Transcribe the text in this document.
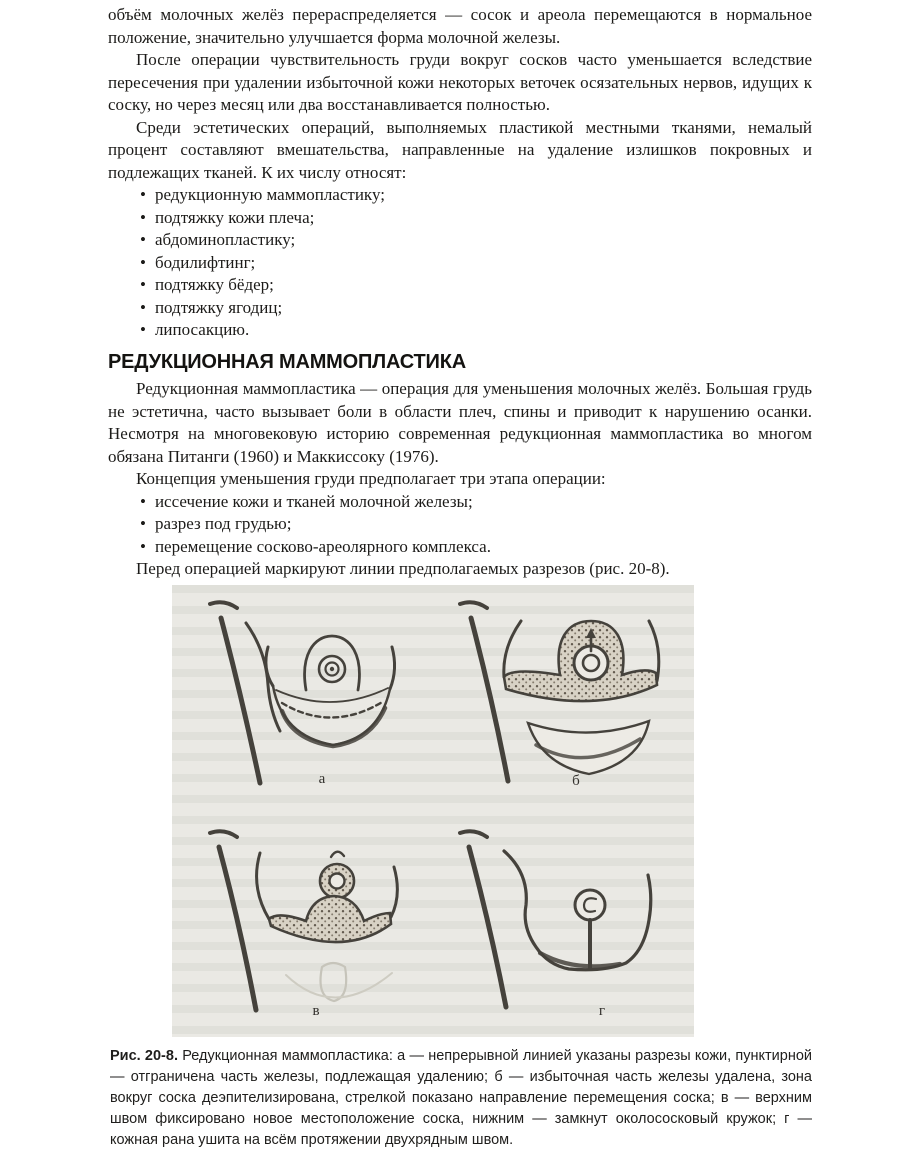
объём молочных желёз перераспределяется — сосок и ареола перемещаются в нормальное положение, значительно улучшается форма молочной железы.

После операции чувствительность груди вокруг сосков часто уменьшается вследствие пересечения при удалении избыточной кожи некоторых веточек осязательных нервов, идущих к соску, но через месяц или два восстанавливается полностью.

Среди эстетических операций, выполняемых пластикой местными тканями, немалый процент составляют вмешательства, направленные на удаление излишков покровных и подлежащих тканей. К их числу относят:

• редукционную маммопластику;
• подтяжку кожи плеча;
• абдоминопластику;
• бодилифтинг;
• подтяжку бёдер;
• подтяжку ягодиц;
• липосакцию.
РЕДУКЦИОННАЯ МАММОПЛАСТИКА

Редукционная маммопластика — операция для уменьшения молочных желёз. Большая грудь не эстетична, часто вызывает боли в области плеч, спины и приводит к нарушению осанки. Несмотря на многовековую историю современная редукционная маммопластика во многом обязана Питанги (1960) и Маккиссоку (1976).

Концепция уменьшения груди предполагает три этапа операции:

• иссечение кожи и тканей молочной железы;
• разрез под грудью;
• перемещение сосково-ареолярного комплекса.

Перед операцией маркируют линии предполагаемых разрезов (рис. 20-8).

а	б
в	г
Рис. 20-8. Редукционная маммопластика: а — непрерывной линией указаны разрезы кожи, пунктирной — отграничена часть железы, подлежащая удалению; б — избыточная часть железы удалена, зона вокруг соска деэпителизирована, стрелкой показано направление перемещения соска; в — верхним швом фиксировано новое местоположение соска, нижним — замкнут околососковый кружок; г — кожная рана ушита на всём протяжении двухрядным швом.
